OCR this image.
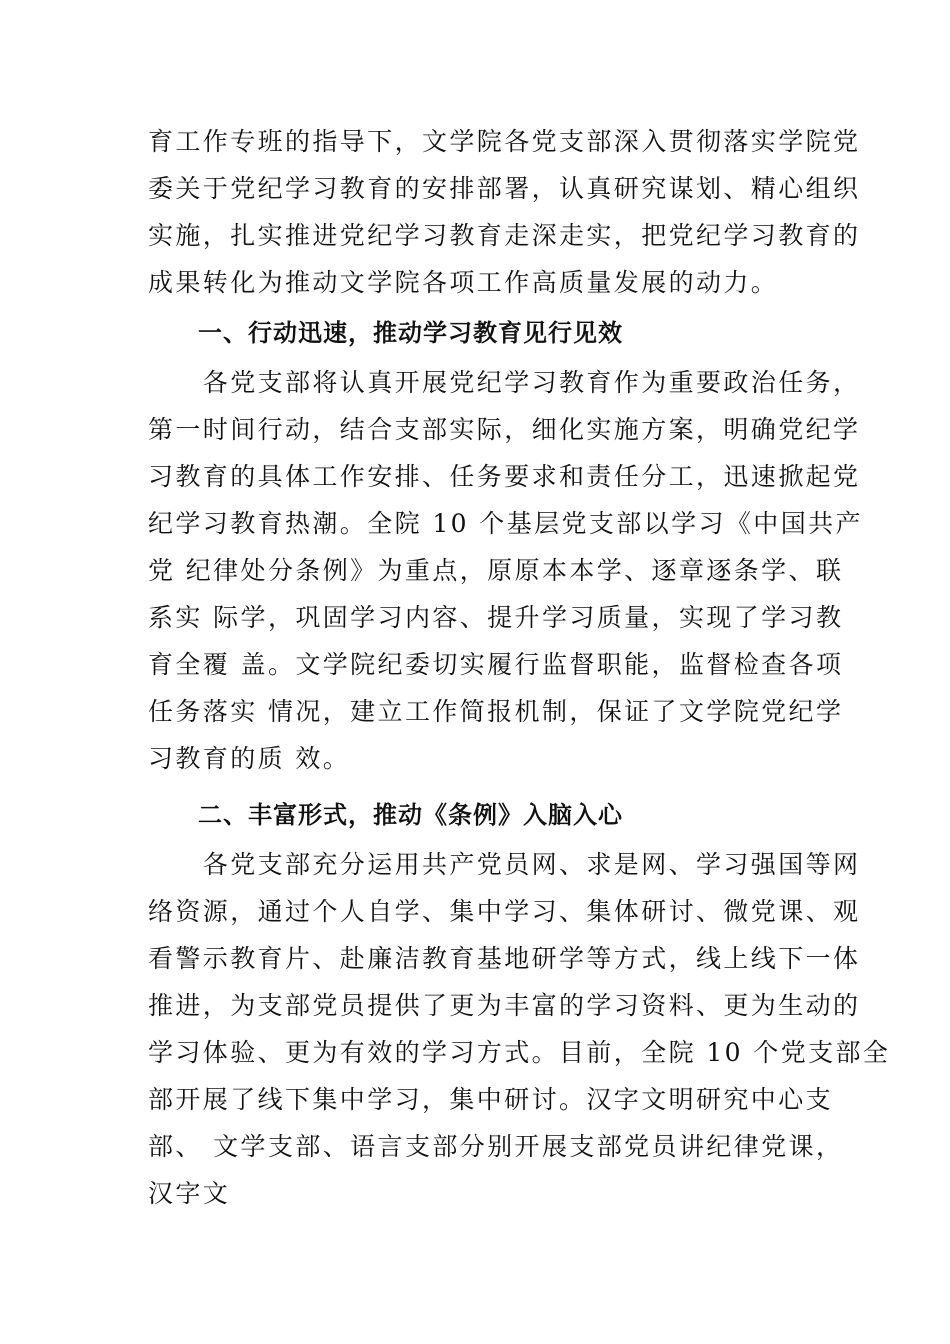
育工作专班的指导下，文学院各党支部深入贯彻落实学院党
委关于党纪学习教育的安排部署，认真研究谋划、精心组织
实施，扎实推进党纪学习教育走深走实，把党纪学习教育的
成果转化为推动文学院各项工作高质量发展的动力。
一、行动迅速，推动学习教育见行见效
　　各党支部将认真开展党纪学习教育作为重要政治任务，
第一时间行动，结合支部实际，细化实施方案，明确党纪学
习教育的具体工作安排、任务要求和责任分工，迅速掀起党
纪学习教育热潮。全院 10 个基层党支部以学习《中国共产
党 纪律处分条例》为重点，原原本本学、逐章逐条学、联
系实 际学，巩固学习内容、提升学习质量，实现了学习教
育全覆 盖。文学院纪委切实履行监督职能，监督检查各项
任务落实 情况，建立工作简报机制，保证了文学院党纪学
习教育的质 效。
二、丰富形式，推动《条例》入脑入心
　　各党支部充分运用共产党员网、求是网、学习强国等网
络资源，通过个人自学、集中学习、集体研讨、微党课、观
看警示教育片、赴廉洁教育基地研学等方式，线上线下一体
推进，为支部党员提供了更为丰富的学习资料、更为生动的
学习体验、更为有效的学习方式。目前，全院 10 个党支部全
部开展了线下集中学习，集中研讨。汉字文明研究中心支
部、 文学支部、语言支部分别开展支部党员讲纪律党课，
汉字文
